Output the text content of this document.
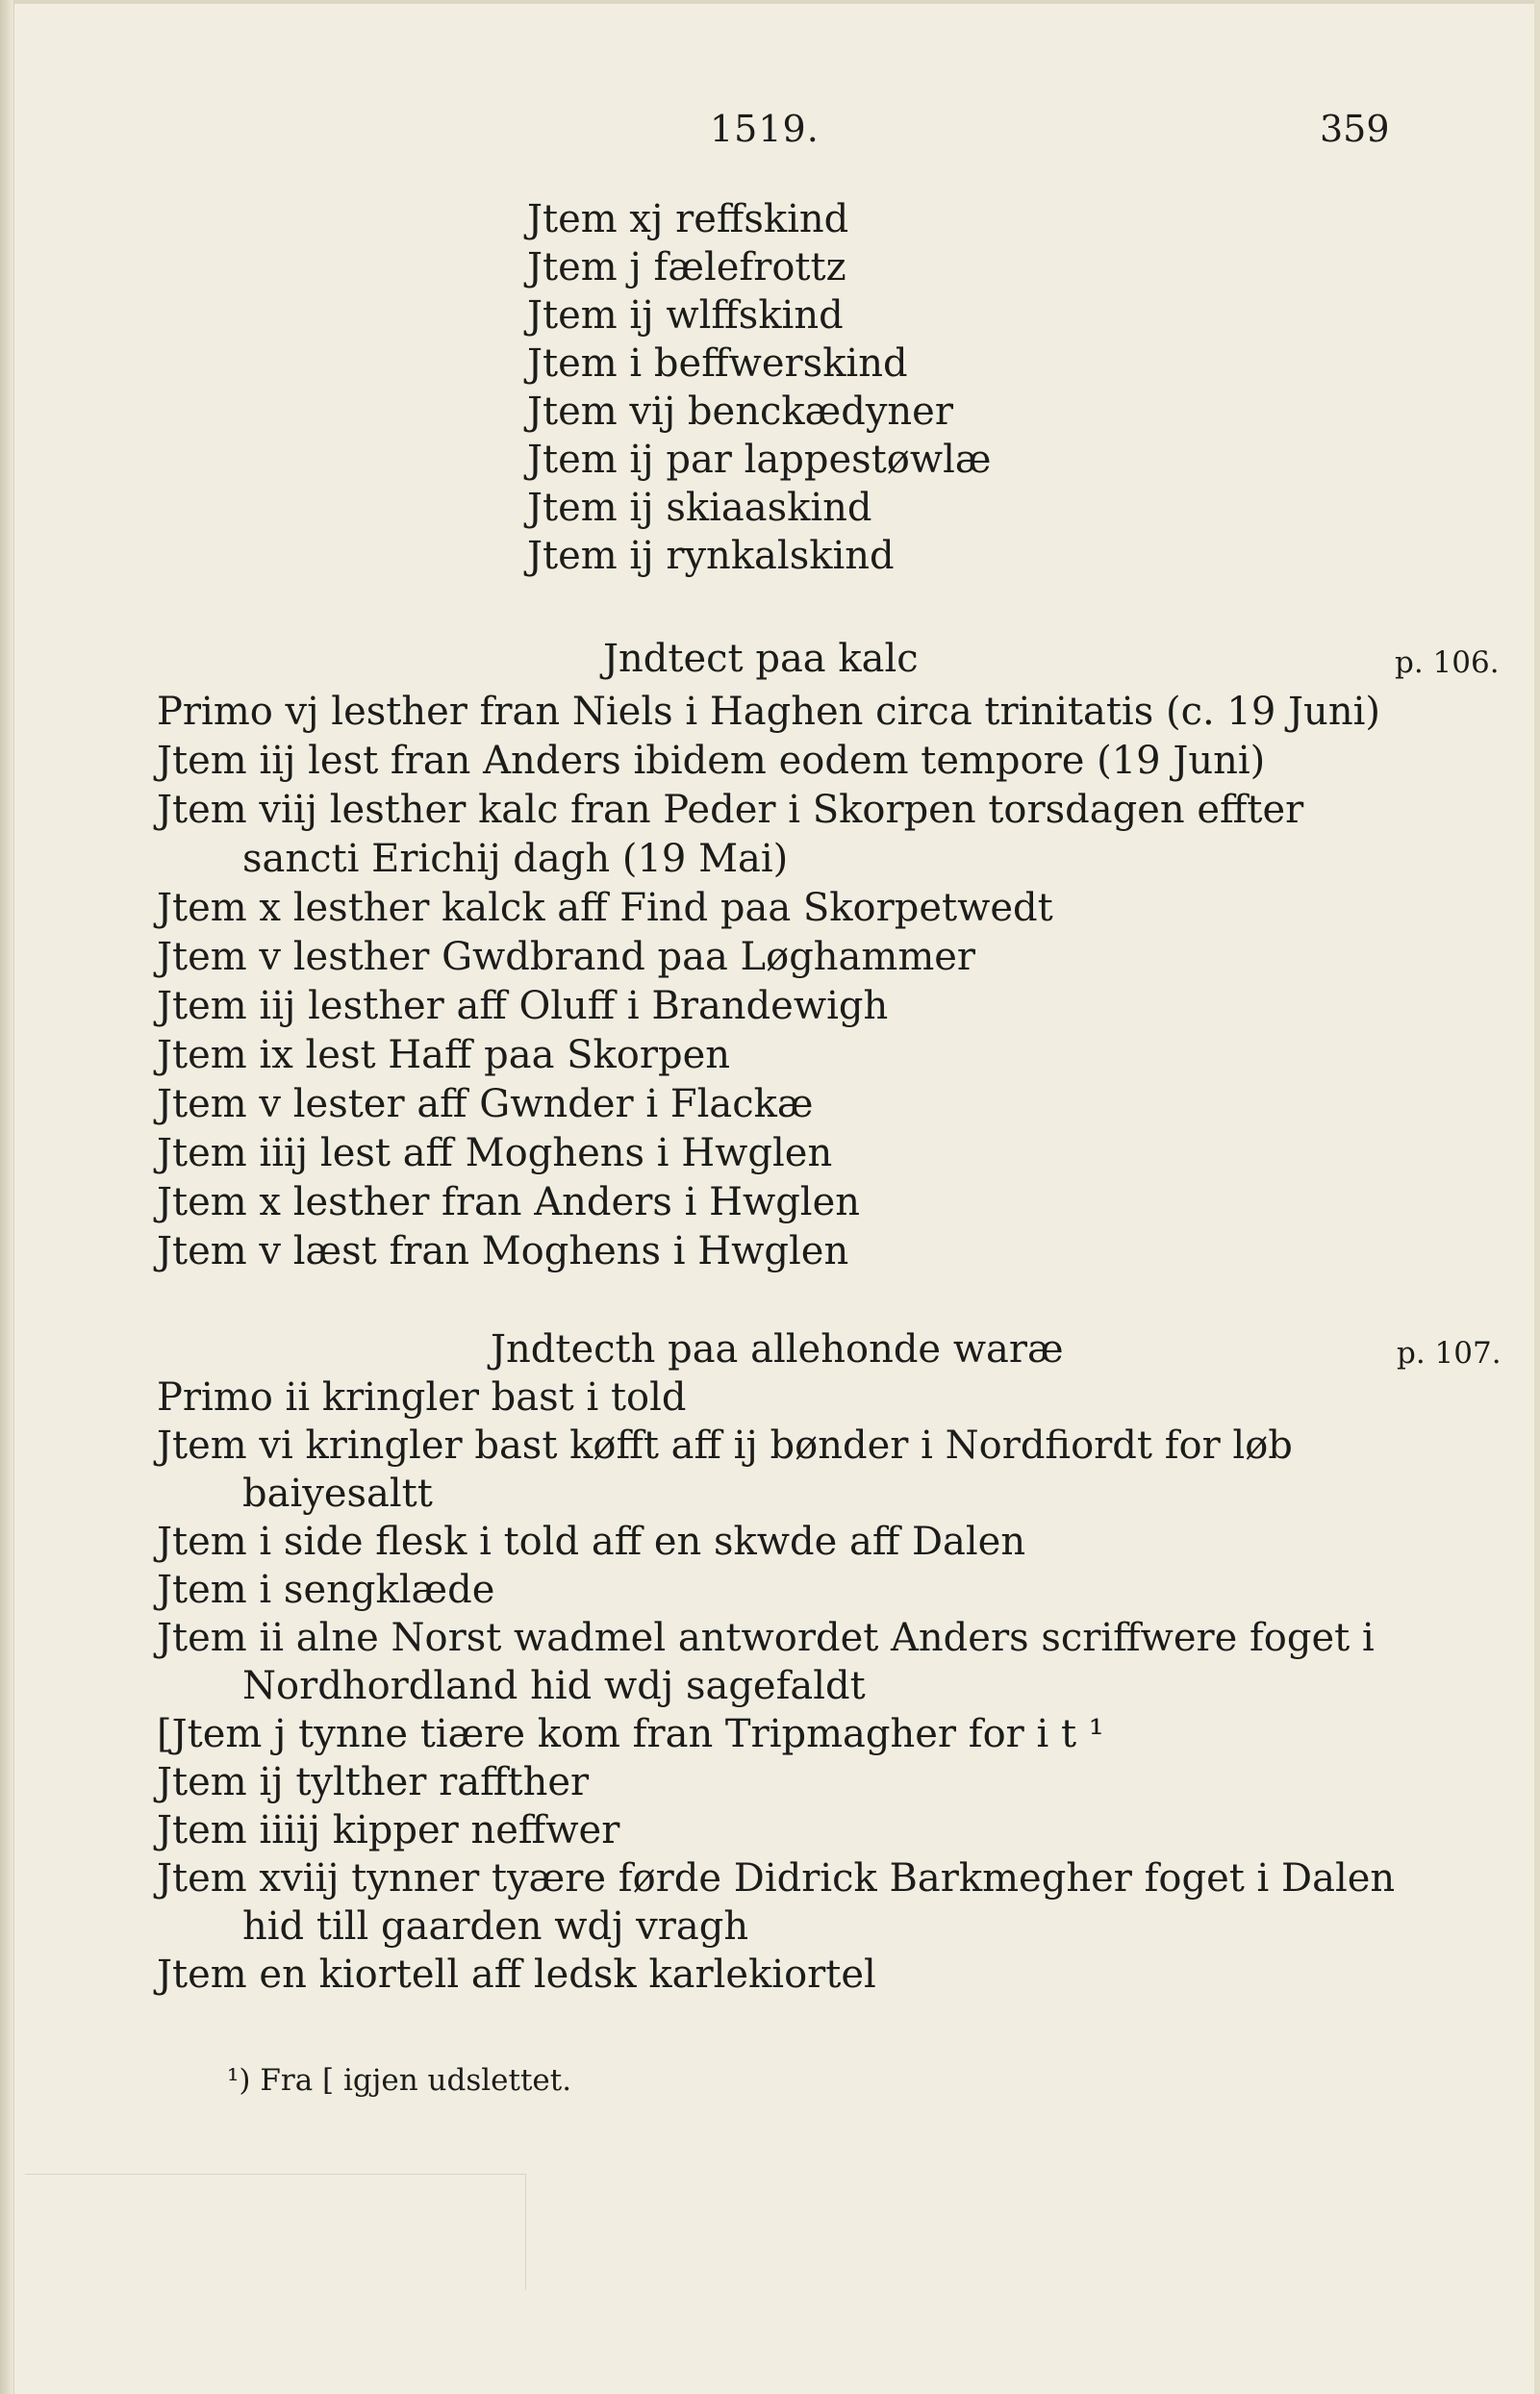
1519.	359
Jtem xj reffskind
Jtem j fælefrottz
Jtem ij wlffskind
Jtem i beffwerskind
Jtem vij benckædyner
Jtem ij par lappestøwlæ
Jtem ij skiaaskind
Jtem ij rynkalskind
Jndtect paa kalc	p. 106.
Primo vj lesther fran Niels i Haghen circa trinitatis (c. 19 Juni)
Jtem iij lest fran Anders ibidem eodem tempore (19 Juni)
Jtem viij lesther kalc fran Peder i Skorpen torsdagen effter
sancti Erichij dagh (19 Mai)
Jtem x lesther kalck aff Find paa Skorpetwedt
Jtem v lesther Gwdbrand paa Løghammer
Jtem iij lesther aff Oluff i Brandewigh
Jtem ix lest Haff paa Skorpen
Jtem v lester aff Gwnder i Flackæ
Jtem iiij lest aff Moghens i Hwglen
Jtem x lesther fran Anders i Hwglen
Jtem v læst fran Moghens i Hwglen
Jndtecth paa allehonde waræ	p. 107.
Primo ii kringler bast i told
Jtem vi kringler bast køfft aff ij bønder i Nordfiordt for løb
baiyesaltt
Jtem i side flesk i told aff en skwde aff Dalen
Jtem i sengklæde
Jtem ii alne Norst wadmel antwordet Anders scriffwere foget i
Nordhordland hid wdj sagefaldt
[Jtem j tynne tiære kom fran Tripmagher for i t ¹
Jtem ij tylther raffther
Jtem iiiij kipper neffwer
Jtem xviij tynner tyære førde Didrick Barkmegher foget i Dalen
hid till gaarden wdj vragh
Jtem en kiortell aff ledsk karlekiortel
¹) Fra [ igjen udslettet.
